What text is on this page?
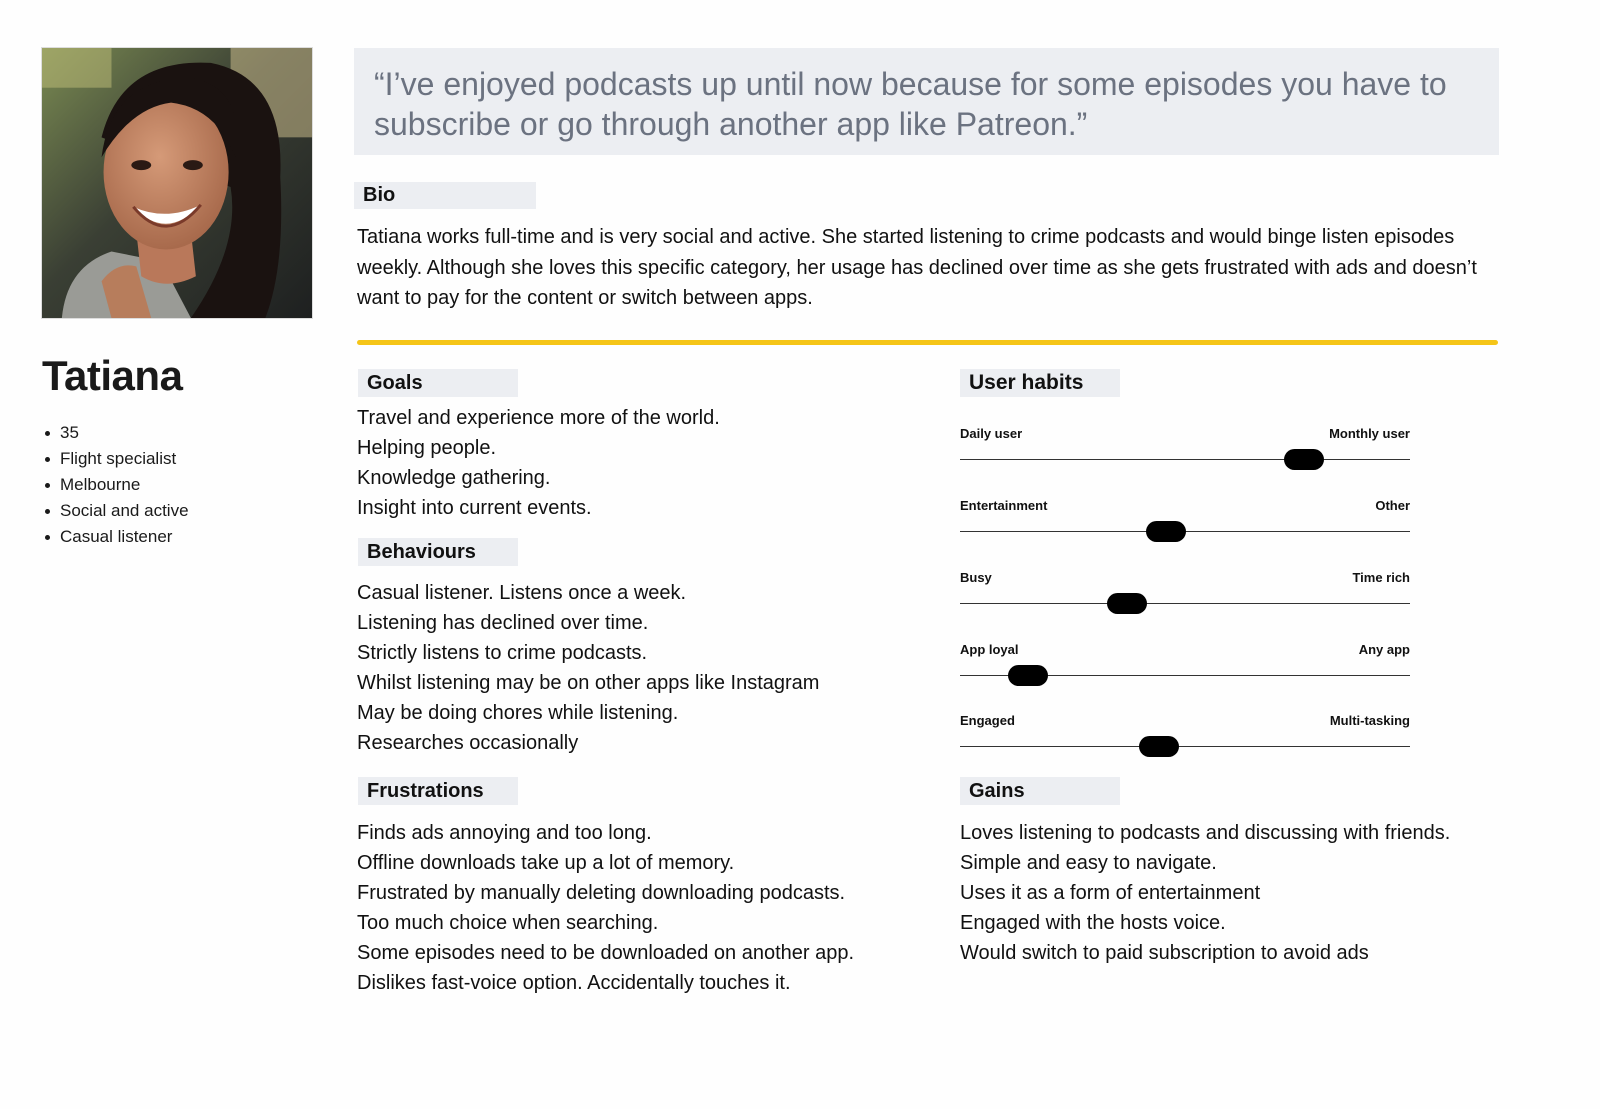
Tatiana
35
Flight specialist
Melbourne
Social and active
Casual listener
“I’ve enjoyed podcasts up until now because for some episodes you have to subscribe or go through another app like Patreon.”
Bio

Tatiana works full-time and is very social and active. She started listening to crime podcasts and would binge listen episodes weekly. Although she loves this specific category, her usage has declined over time as she gets frustrated with ads and doesn’t want to pay for the content or switch between apps.

Goals

Travel and experience more of the world.

Helping people.

Knowledge gathering.

Insight into current events.

Behaviours

Casual listener. Listens once a week.

Listening has declined over time.

Strictly listens to crime podcasts.

Whilst listening may be on other apps like Instagram

May be doing chores while listening.

Researches occasionally

Frustrations

Finds ads annoying and too long.

Offline downloads take up a lot of memory.

Frustrated by manually deleting downloading podcasts.

Too much choice when searching.

Some episodes need to be downloaded on another app.

Dislikes fast-voice option. Accidentally touches it.

User habits
Daily user	Monthly user
Entertainment	Other
Busy	Time rich
App loyal	Any app
Engaged	Multi-tasking
Gains

Loves listening to podcasts and discussing with friends.

Simple and easy to navigate.

Uses it as a form of entertainment

Engaged with the hosts voice.

Would switch to paid subscription to avoid ads
